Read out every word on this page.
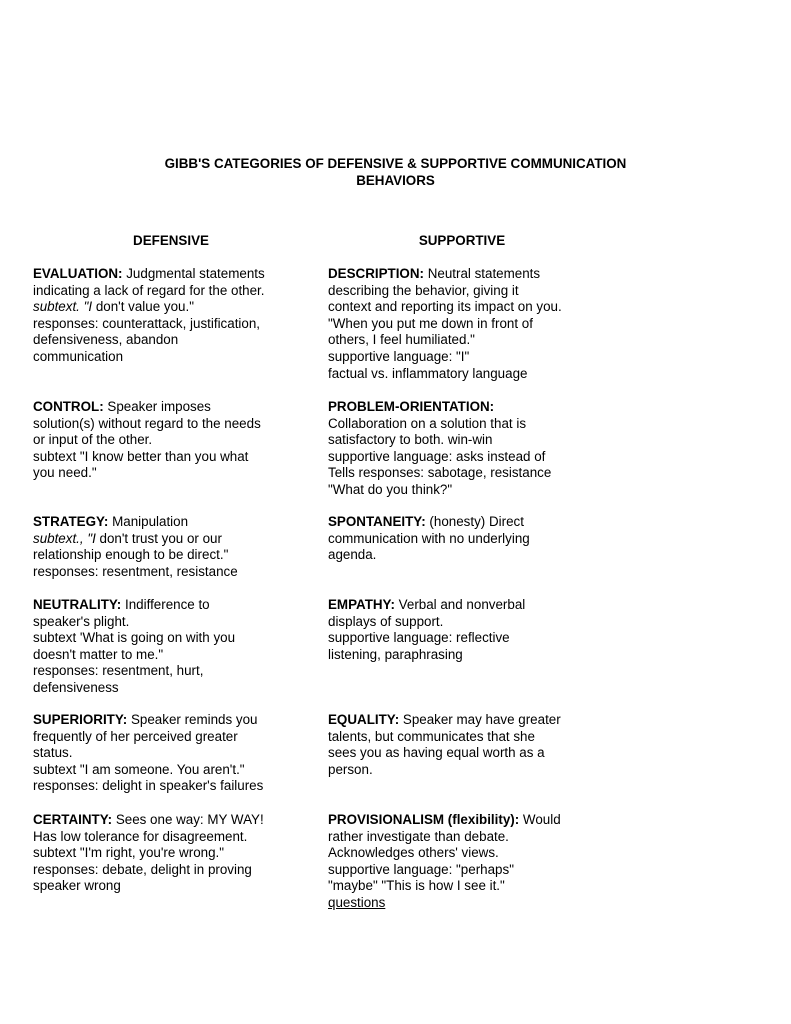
GIBB'S CATEGORIES OF DEFENSIVE & SUPPORTIVE COMMUNICATION
BEHAVIORS
DEFENSIVE	SUPPORTIVE
EVALUATION: Judgmental statements
indicating a lack of regard for the other.
subtext. "I don't value you."
responses: counterattack, justification,
defensiveness, abandon
communication
CONTROL: Speaker imposes
solution(s) without regard to the needs
or input of the other.
subtext "I know better than you what
you need."
STRATEGY: Manipulation
subtext., "I don't trust you or our
relationship enough to be direct."
responses: resentment, resistance
NEUTRALITY: Indifference to
speaker's plight.
subtext 'What is going on with you
doesn't matter to me."
responses: resentment, hurt,
defensiveness
SUPERIORITY: Speaker reminds you
frequently of her perceived greater
status.
subtext "I am someone. You aren't."
responses: delight in speaker's failures
CERTAINTY: Sees one way: MY WAY!
Has low tolerance for disagreement.
subtext "I'm right, you're wrong."
responses: debate, delight in proving
speaker wrong
DESCRIPTION: Neutral statements
describing the behavior, giving it
context and reporting its impact on you.
"When you put me down in front of
others, I feel humiliated."
supportive language: "I"
factual vs. inflammatory language
PROBLEM-ORIENTATION:
Collaboration on a solution that is
satisfactory to both. win-win
supportive language: asks instead of
Tells responses: sabotage, resistance
"What do you think?"
SPONTANEITY: (honesty) Direct
communication with no underlying
agenda.
EMPATHY: Verbal and nonverbal
displays of support.
supportive language: reflective
listening, paraphrasing
EQUALITY: Speaker may have greater
talents, but communicates that she
sees you as having equal worth as a
person.
PROVISIONALISM (flexibility): Would
rather investigate than debate.
Acknowledges others' views.
supportive language: "perhaps"
"maybe" "This is how I see it."
questions
